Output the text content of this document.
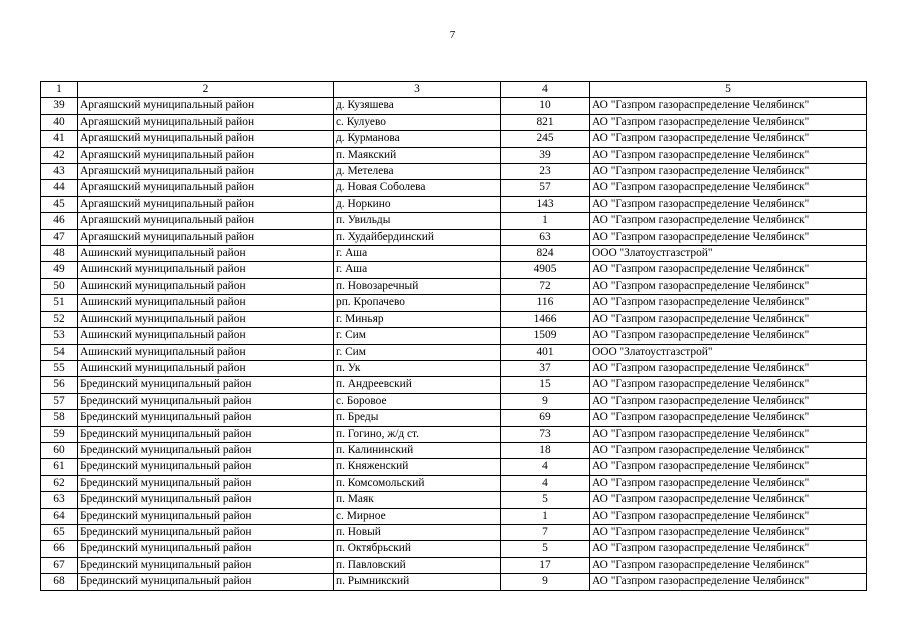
7
1	2	3	4	5
39	Аргаяшский муниципальный район	д. Кузяшева	10	АО "Газпром газораспределение Челябинск"
40	Аргаяшский муниципальный район	с. Кулуево	821	АО "Газпром газораспределение Челябинск"
41	Аргаяшский муниципальный район	д. Курманова	245	АО "Газпром газораспределение Челябинск"
42	Аргаяшский муниципальный район	п. Маякский	39	АО "Газпром газораспределение Челябинск"
43	Аргаяшский муниципальный район	д. Метелева	23	АО "Газпром газораспределение Челябинск"
44	Аргаяшский муниципальный район	д. Новая Соболева	57	АО "Газпром газораспределение Челябинск"
45	Аргаяшский муниципальный район	д. Норкино	143	АО "Газпром газораспределение Челябинск"
46	Аргаяшский муниципальный район	п. Увильды	1	АО "Газпром газораспределение Челябинск"
47	Аргаяшский муниципальный район	п. Худайбердинский	63	АО "Газпром газораспределение Челябинск"
48	Ашинский муниципальный район	г. Аша	824	ООО "Златоустгазстрой"
49	Ашинский муниципальный район	г. Аша	4905	АО "Газпром газораспределение Челябинск"
50	Ашинский муниципальный район	п. Новозаречный	72	АО "Газпром газораспределение Челябинск"
51	Ашинский муниципальный район	рп. Кропачево	116	АО "Газпром газораспределение Челябинск"
52	Ашинский муниципальный район	г. Миньяр	1466	АО "Газпром газораспределение Челябинск"
53	Ашинский муниципальный район	г. Сим	1509	АО "Газпром газораспределение Челябинск"
54	Ашинский муниципальный район	г. Сим	401	ООО "Златоустгазстрой"
55	Ашинский муниципальный район	п. Ук	37	АО "Газпром газораспределение Челябинск"
56	Брединский муниципальный район	п. Андреевский	15	АО "Газпром газораспределение Челябинск"
57	Брединский муниципальный район	с. Боровое	9	АО "Газпром газораспределение Челябинск"
58	Брединский муниципальный район	п. Бреды	69	АО "Газпром газораспределение Челябинск"
59	Брединский муниципальный район	п. Гогино, ж/д ст.	73	АО "Газпром газораспределение Челябинск"
60	Брединский муниципальный район	п. Калининский	18	АО "Газпром газораспределение Челябинск"
61	Брединский муниципальный район	п. Княженский	4	АО "Газпром газораспределение Челябинск"
62	Брединский муниципальный район	п. Комсомольский	4	АО "Газпром газораспределение Челябинск"
63	Брединский муниципальный район	п. Маяк	5	АО "Газпром газораспределение Челябинск"
64	Брединский муниципальный район	с. Мирное	1	АО "Газпром газораспределение Челябинск"
65	Брединский муниципальный район	п. Новый	7	АО "Газпром газораспределение Челябинск"
66	Брединский муниципальный район	п. Октябрьский	5	АО "Газпром газораспределение Челябинск"
67	Брединский муниципальный район	п. Павловский	17	АО "Газпром газораспределение Челябинск"
68	Брединский муниципальный район	п. Рымникский	9	АО "Газпром газораспределение Челябинск"
